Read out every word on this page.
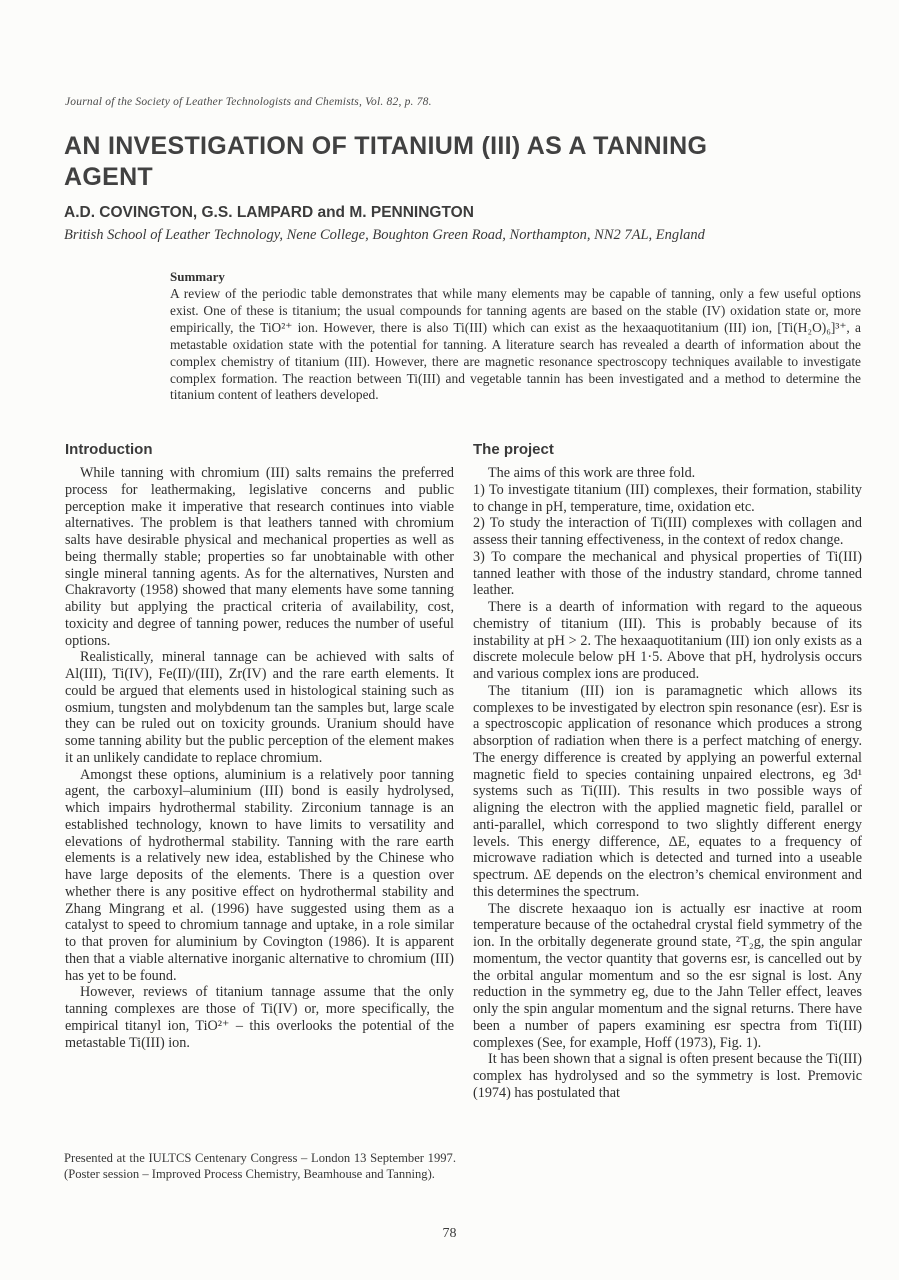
Journal of the Society of Leather Technologists and Chemists, Vol. 82, p. 78.
AN INVESTIGATION OF TITANIUM (III) AS A TANNING AGENT
A.D. COVINGTON, G.S. LAMPARD and M. PENNINGTON
British School of Leather Technology, Nene College, Boughton Green Road, Northampton, NN2 7AL, England
Summary

A review of the periodic table demonstrates that while many elements may be capable of tanning, only a few useful options exist. One of these is titanium; the usual compounds for tanning agents are based on the stable (IV) oxidation state or, more empirically, the TiO²⁺ ion. However, there is also Ti(III) which can exist as the hexaaquotitanium (III) ion, [Ti(H₂O)₆]³⁺, a metastable oxidation state with the potential for tanning. A literature search has revealed a dearth of information about the complex chemistry of titanium (III). However, there are magnetic resonance spectroscopy techniques available to investigate complex formation. The reaction between Ti(III) and vegetable tannin has been investigated and a method to determine the titanium content of leathers developed.

Introduction

While tanning with chromium (III) salts remains the preferred process for leathermaking, legislative concerns and public perception make it imperative that research continues into viable alternatives. The problem is that leathers tanned with chromium salts have desirable physical and mechanical properties as well as being thermally stable; properties so far unobtainable with other single mineral tanning agents. As for the alternatives, Nursten and Chakravorty (1958) showed that many elements have some tanning ability but applying the practical criteria of availability, cost, toxicity and degree of tanning power, reduces the number of useful options.

Realistically, mineral tannage can be achieved with salts of Al(III), Ti(IV), Fe(II)/(III), Zr(IV) and the rare earth elements. It could be argued that elements used in histological staining such as osmium, tungsten and molybdenum tan the samples but, large scale they can be ruled out on toxicity grounds. Uranium should have some tanning ability but the public perception of the element makes it an unlikely candidate to replace chromium.

Amongst these options, aluminium is a relatively poor tanning agent, the carboxyl–aluminium (III) bond is easily hydrolysed, which impairs hydrothermal stability. Zirconium tannage is an established technology, known to have limits to versatility and elevations of hydrothermal stability. Tanning with the rare earth elements is a relatively new idea, established by the Chinese who have large deposits of the elements. There is a question over whether there is any positive effect on hydrothermal stability and Zhang Mingrang et al. (1996) have suggested using them as a catalyst to speed to chromium tannage and uptake, in a role similar to that proven for aluminium by Covington (1986). It is apparent then that a viable alternative inorganic alternative to chromium (III) has yet to be found.

However, reviews of titanium tannage assume that the only tanning complexes are those of Ti(IV) or, more specifically, the empirical titanyl ion, TiO²⁺ – this overlooks the potential of the metastable Ti(III) ion.

The project

The aims of this work are three fold.

1) To investigate titanium (III) complexes, their formation, stability to change in pH, temperature, time, oxidation etc.

2) To study the interaction of Ti(III) complexes with collagen and assess their tanning effectiveness, in the context of redox change.

3) To compare the mechanical and physical properties of Ti(III) tanned leather with those of the industry standard, chrome tanned leather.

There is a dearth of information with regard to the aqueous chemistry of titanium (III). This is probably because of its instability at pH > 2. The hexaaquotitanium (III) ion only exists as a discrete molecule below pH 1·5. Above that pH, hydrolysis occurs and various complex ions are produced.

The titanium (III) ion is paramagnetic which allows its complexes to be investigated by electron spin resonance (esr). Esr is a spectroscopic application of resonance which produces a strong absorption of radiation when there is a perfect matching of energy. The energy difference is created by applying an powerful external magnetic field to species containing unpaired electrons, eg 3d¹ systems such as Ti(III). This results in two possible ways of aligning the electron with the applied magnetic field, parallel or anti-parallel, which correspond to two slightly different energy levels. This energy difference, ΔE, equates to a frequency of microwave radiation which is detected and turned into a useable spectrum. ΔE depends on the electron’s chemical environment and this determines the spectrum.

The discrete hexaaquo ion is actually esr inactive at room temperature because of the octahedral crystal field symmetry of the ion. In the orbitally degenerate ground state, ²T₂g, the spin angular momentum, the vector quantity that governs esr, is cancelled out by the orbital angular momentum and so the esr signal is lost. Any reduction in the symmetry eg, due to the Jahn Teller effect, leaves only the spin angular momentum and the signal returns. There have been a number of papers examining esr spectra from Ti(III) complexes (See, for example, Hoff (1973), Fig. 1).

It has been shown that a signal is often present because the Ti(III) complex has hydrolysed and so the symmetry is lost. Premovic (1974) has postulated that

Presented at the IULTCS Centenary Congress – London 13 September 1997. (Poster session – Improved Process Chemistry, Beamhouse and Tanning).
78
